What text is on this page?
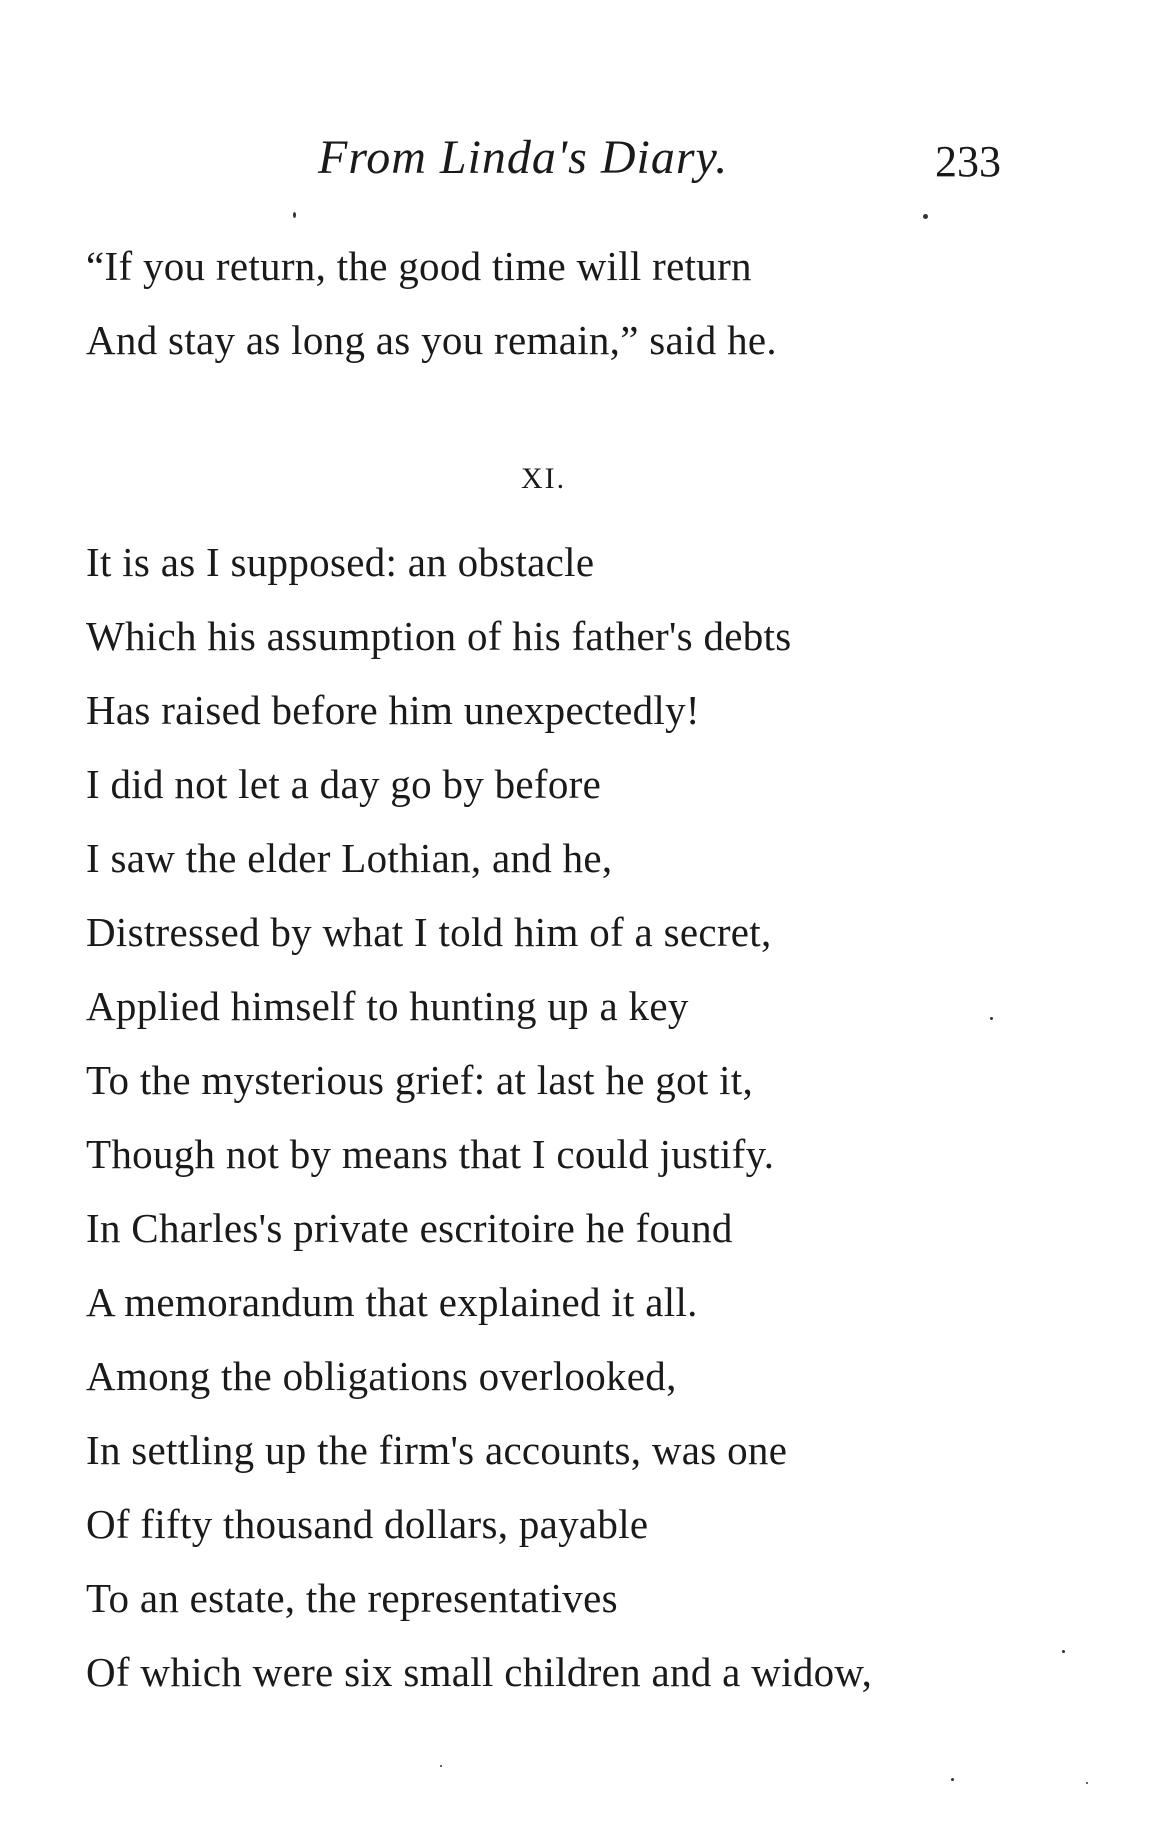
From Linda's Diary.	233
“If you return, the good time will return
And stay as long as you remain,” said he.
XI.
It is as I supposed: an obstacle
Which his assumption of his father's debts
Has raised before him unexpectedly!
I did not let a day go by before
I saw the elder Lothian, and he,
Distressed by what I told him of a secret,
Applied himself to hunting up a key
To the mysterious grief: at last he got it,
Though not by means that I could justify.
In Charles's private escritoire he found
A memorandum that explained it all.
Among the obligations overlooked,
In settling up the firm's accounts, was one
Of fifty thousand dollars, payable
To an estate, the representatives
Of which were six small children and a widow,
